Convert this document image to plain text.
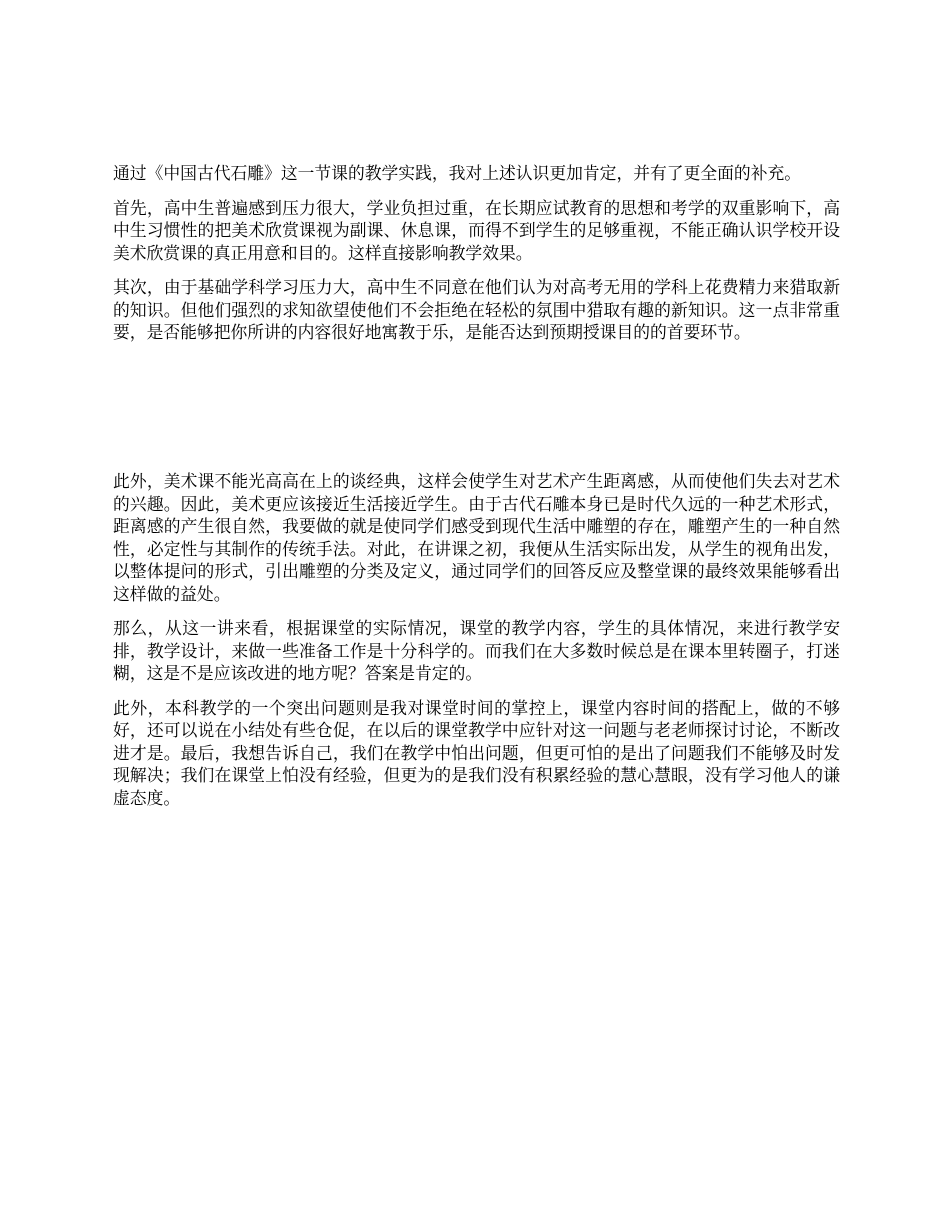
通过《中国古代石雕》这一节课的教学实践，我对上述认识更加肯定，并有了更全面的补充。

首先，高中生普遍感到压力很大，学业负担过重，在长期应试教育的思想和考学的双重影响下，高中生习惯性的把美术欣赏课视为副课、休息课，而得不到学生的足够重视，不能正确认识学校开设美术欣赏课的真正用意和目的。这样直接影响教学效果。

其次，由于基础学科学习压力大，高中生不同意在他们认为对高考无用的学科上花费精力来猎取新的知识。但他们强烈的求知欲望使他们不会拒绝在轻松的氛围中猎取有趣的新知识。这一点非常重要，是否能够把你所讲的内容很好地寓教于乐，是能否达到预期授课目的的首要环节。

此外，美术课不能光高高在上的谈经典，这样会使学生对艺术产生距离感，从而使他们失去对艺术的兴趣。因此，美术更应该接近生活接近学生。由于古代石雕本身已是时代久远的一种艺术形式，距离感的产生很自然，我要做的就是使同学们感受到现代生活中雕塑的存在，雕塑产生的一种自然性，必定性与其制作的传统手法。对此，在讲课之初，我便从生活实际出发，从学生的视角出发，以整体提问的形式，引出雕塑的分类及定义，通过同学们的回答反应及整堂课的最终效果能够看出这样做的益处。

那么，从这一讲来看，根据课堂的实际情况，课堂的教学内容，学生的具体情况，来进行教学安排，教学设计，来做一些准备工作是十分科学的。而我们在大多数时候总是在课本里转圈子，打迷糊，这是不是应该改进的地方呢？答案是肯定的。

此外，本科教学的一个突出问题则是我对课堂时间的掌控上，课堂内容时间的搭配上，做的不够好，还可以说在小结处有些仓促，在以后的课堂教学中应针对这一问题与老老师探讨讨论，不断改进才是。最后，我想告诉自己，我们在教学中怕出问题，但更可怕的是出了问题我们不能够及时发现解决；我们在课堂上怕没有经验，但更为的是我们没有积累经验的慧心慧眼，没有学习他人的谦虚态度。
